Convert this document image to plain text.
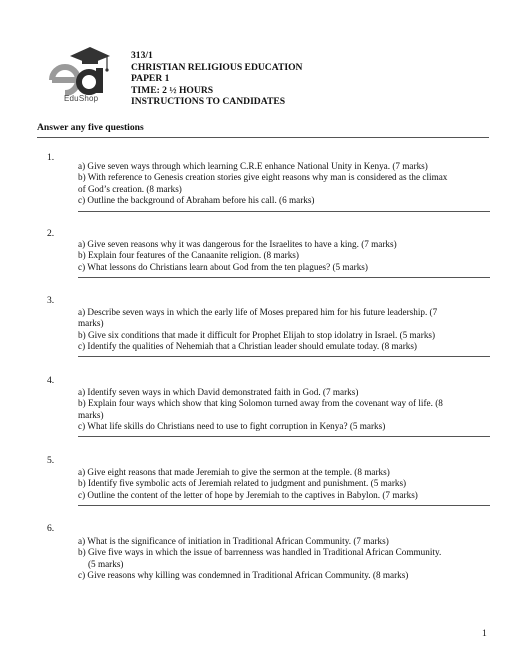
EduShop
313/1
CHRISTIAN RELIGIOUS EDUCATION
PAPER 1
TIME: 2 ½ HOURS
INSTRUCTIONS TO CANDIDATES
Answer any five questions
1.
a) Give seven ways through which learning C.R.E enhance National Unity in Kenya. (7 marks)
b) With reference to Genesis creation stories give eight reasons why man is considered as the climax
of God’s creation. (8 marks)
c) Outline the background of Abraham before his call. (6 marks)
2.
a) Give seven reasons why it was dangerous for the Israelites to have a king. (7 marks)
b) Explain four features of the Canaanite religion. (8 marks)
c) What lessons do Christians learn about God from the ten plagues? (5 marks)
3.
a) Describe seven ways in which the early life of Moses prepared him for his future leadership. (7
marks)
b) Give six conditions that made it difficult for Prophet Elijah to stop idolatry in Israel. (5 marks)
c) Identify the qualities of Nehemiah that a Christian leader should emulate today. (8 marks)
4.
a) Identify seven ways in which David demonstrated faith in God. (7 marks)
b) Explain four ways which show that king Solomon turned away from the covenant way of life. (8
marks)
c) What life skills do Christians need to use to fight corruption in Kenya? (5 marks)
5.
a) Give eight reasons that made Jeremiah to give the sermon at the temple. (8 marks)
b) Identify five symbolic acts of Jeremiah related to judgment and punishment. (5 marks)
c) Outline the content of the letter of hope by Jeremiah to the captives in Babylon. (7 marks)
6.
a) What is the significance of initiation in Traditional African Community. (7 marks)
b) Give five ways in which the issue of barrenness was handled in Traditional African Community.
(5 marks)
c) Give reasons why killing was condemned in Traditional African Community. (8 marks)
1
